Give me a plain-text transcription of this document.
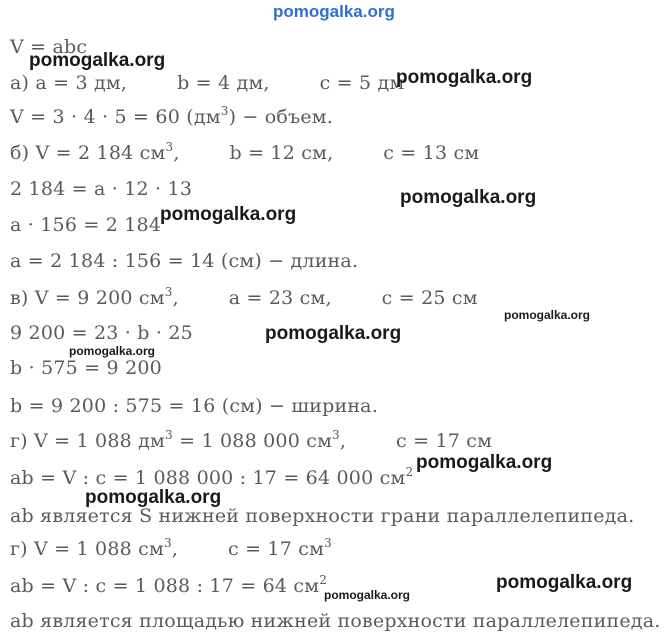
pomogalka.org
V = abc
а) a = 3 дм,        b = 4 дм,        c = 5 дм
V = 3 · 4 · 5 = 60 $(дм^3)$ − объем.
б) V = 2 184 $см^3$,        b = 12 см,        c = 13 см
2 184 = a · 12 · 13
a · 156 = 2 184
a = 2 184 : 156 = 14 (см) − длина.
в) V = 9 200 $см^3$,        a = 23 см,        c = 25 см
9 200 = 23 · b · 25
b · 575 = 9 200
b = 9 200 : 575 = 16 (см) − ширина.
г) V = 1 088 $дм^3 = 1$ 088 000 $см^3$,        c = 17 см
ab = V : c = 1 088 000 : 17 = 64 000 $см^2$
ab является S нижней поверхности грани параллелепипеда.
г) V = 1 088 $см^3$,        c = 17 $см^3$
ab = V : c = 1 088 : 17 = 64 $см^2$
ab является площадью нижней поверхности параллелепипеда.
pomogalka.org
pomogalka.org
pomogalka.org
pomogalka.org
pomogalka.org
pomogalka.org
pomogalka.org
pomogalka.org
pomogalka.org
pomogalka.org
pomogalka.org
